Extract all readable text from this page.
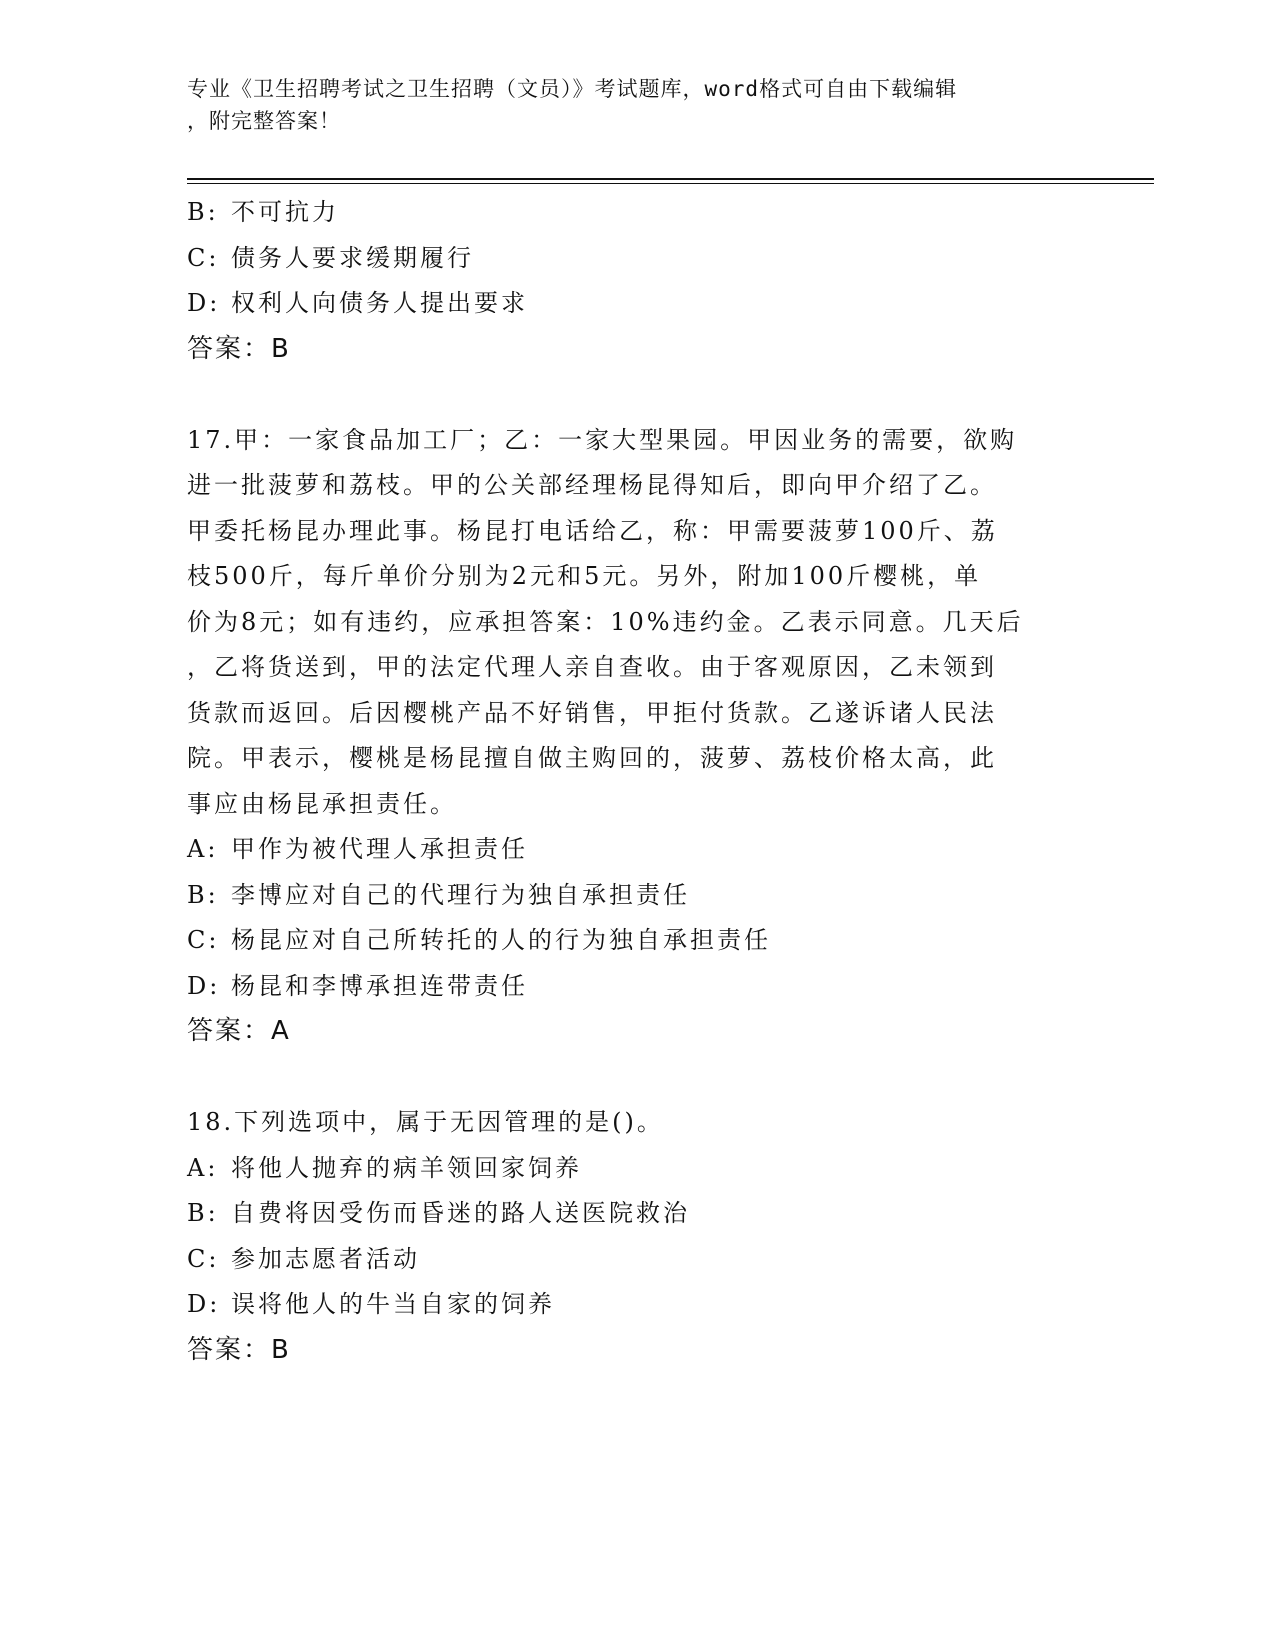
专业《卫生招聘考试之卫生招聘（文员）》考试题库，word格式可自由下载编辑
，附完整答案！
B: 不可抗力
C: 债务人要求缓期履行
D: 权利人向债务人提出要求
答案：B
17.甲：一家食品加工厂；乙：一家大型果园。甲因业务的需要，欲购
进一批菠萝和荔枝。甲的公关部经理杨昆得知后，即向甲介绍了乙。
甲委托杨昆办理此事。杨昆打电话给乙，称：甲需要菠萝100斤、荔
枝500斤，每斤单价分别为2元和5元。另外，附加100斤樱桃，单
价为8元；如有违约，应承担答案：10%违约金。乙表示同意。几天后
，乙将货送到，甲的法定代理人亲自查收。由于客观原因，乙未领到
货款而返回。后因樱桃产品不好销售，甲拒付货款。乙遂诉诸人民法
院。甲表示，樱桃是杨昆擅自做主购回的，菠萝、荔枝价格太高，此
事应由杨昆承担责任。
A: 甲作为被代理人承担责任
B: 李博应对自己的代理行为独自承担责任
C: 杨昆应对自己所转托的人的行为独自承担责任
D: 杨昆和李博承担连带责任
答案：A
18.下列选项中，属于无因管理的是()。
A: 将他人抛弃的病羊领回家饲养
B: 自费将因受伤而昏迷的路人送医院救治
C: 参加志愿者活动
D: 误将他人的牛当自家的饲养
答案：B
